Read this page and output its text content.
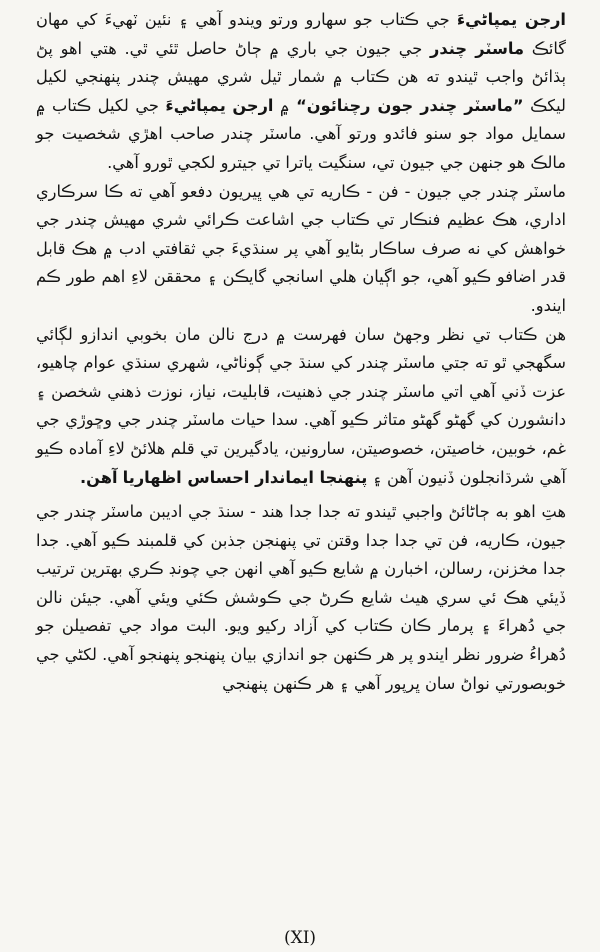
ارجن يمپاڻيءَ جي ڪتاب جو سهارو ورتو ويندو آهي ۽ نئين ٽهيءَ کي مهان گائڪ ماسٽر چندر جي جيون جي باري ۾ ڄاڻ حاصل ٿئي ٿي. هتي اهو پڻ ٻڌائڻ واجب ٿيندو ته هن ڪتاب ۾ شمار ٿيل شري مهيش چندر پنهنجي لکيل ليکڪ ”ماسٽر چندر جون رچنائون“ ۾ ارجن يمپاڻيءَ جي لکيل ڪتاب ۾ سمايل مواد جو سنو فائدو ورتو آهي. ماسٽر چندر صاحب اهڙي شخصيت جو مالڪ هو جنهن جي جيون تي، سنگيت ياترا تي جيترو لکجي ٿورو آهي.

ماسٽر چندر جي جيون - فن - ڪاريه تي هي ڀيريون دفعو آهي ته ڪا سرڪاري اداري، هڪ عظيم فنڪار تي ڪتاب جي اشاعت ڪرائي شري مهيش چندر جي خواهش کي نه صرف ساڪار بڻايو آهي پر سنڌيءَ جي ثقافتي ادب ۾ هڪ قابل قدر اضافو ڪيو آهي، جو اڳيان هلي اسانجي گايڪن ۽ محققن لاءِ اهم طور ڪم ايندو.

هن ڪتاب تي نظر وجهڻ سان فهرست ۾ درج نالن مان بخوبي اندازو لڳائي سگهجي ٿو ته جتي ماسٽر چندر کي سنڌ جي ڳوٺاڻي، شهري سنڌي عوام چاهيو، عزت ڏني آهي اتي ماسٽر چندر جي ذهنيت، قابليت، نياز، نوزت ذهني شخصن ۽ دانشورن کي گهڻو گهڻو متاثر ڪيو آهي. سدا حيات ماسٽر چندر جي وڇوڙي جي غم، خوبين، خاصيتن، خصوصيتن، سارونين، يادگيرين تي قلم هلائڻ لاءِ آماده ڪيو آهي شرڌانجلون ڏنيون آهن ۽ پنهنجا ايماندار احساس اظهاريا آهن.

هتِ اهو به ڄاڻائڻ واجبي ٿيندو ته جدا جدا هند - سنڌ جي اديبن ماسٽر چندر جي جيون، ڪاريه، فن تي جدا جدا وقتن تي پنهنجن جذبن کي قلمبند ڪيو آهي. جدا جدا مخزنن، رسالن، اخبارن ۾ شايع ڪيو آهي انهن جي چونڊ ڪري بهترين ترتيب ڏيئي هڪ ئي سري هيٺ شايع ڪرڻ جي ڪوشش ڪئي ويئي آهي. جيئن نالن جي دُهراءَ ۽ پرمار ڪان ڪتاب کي آزاد رکيو ويو. البت مواد جي تفصيلن جو دُهراءُ ضرور نظر ايندو پر هر ڪنهن جو اندازي بيان پنهنجو پنهنجو آهي. لکڻي جي خوبصورتي نواڻ سان ڀرپور آهي ۽ هر ڪنهن پنهنجي

(XI)
